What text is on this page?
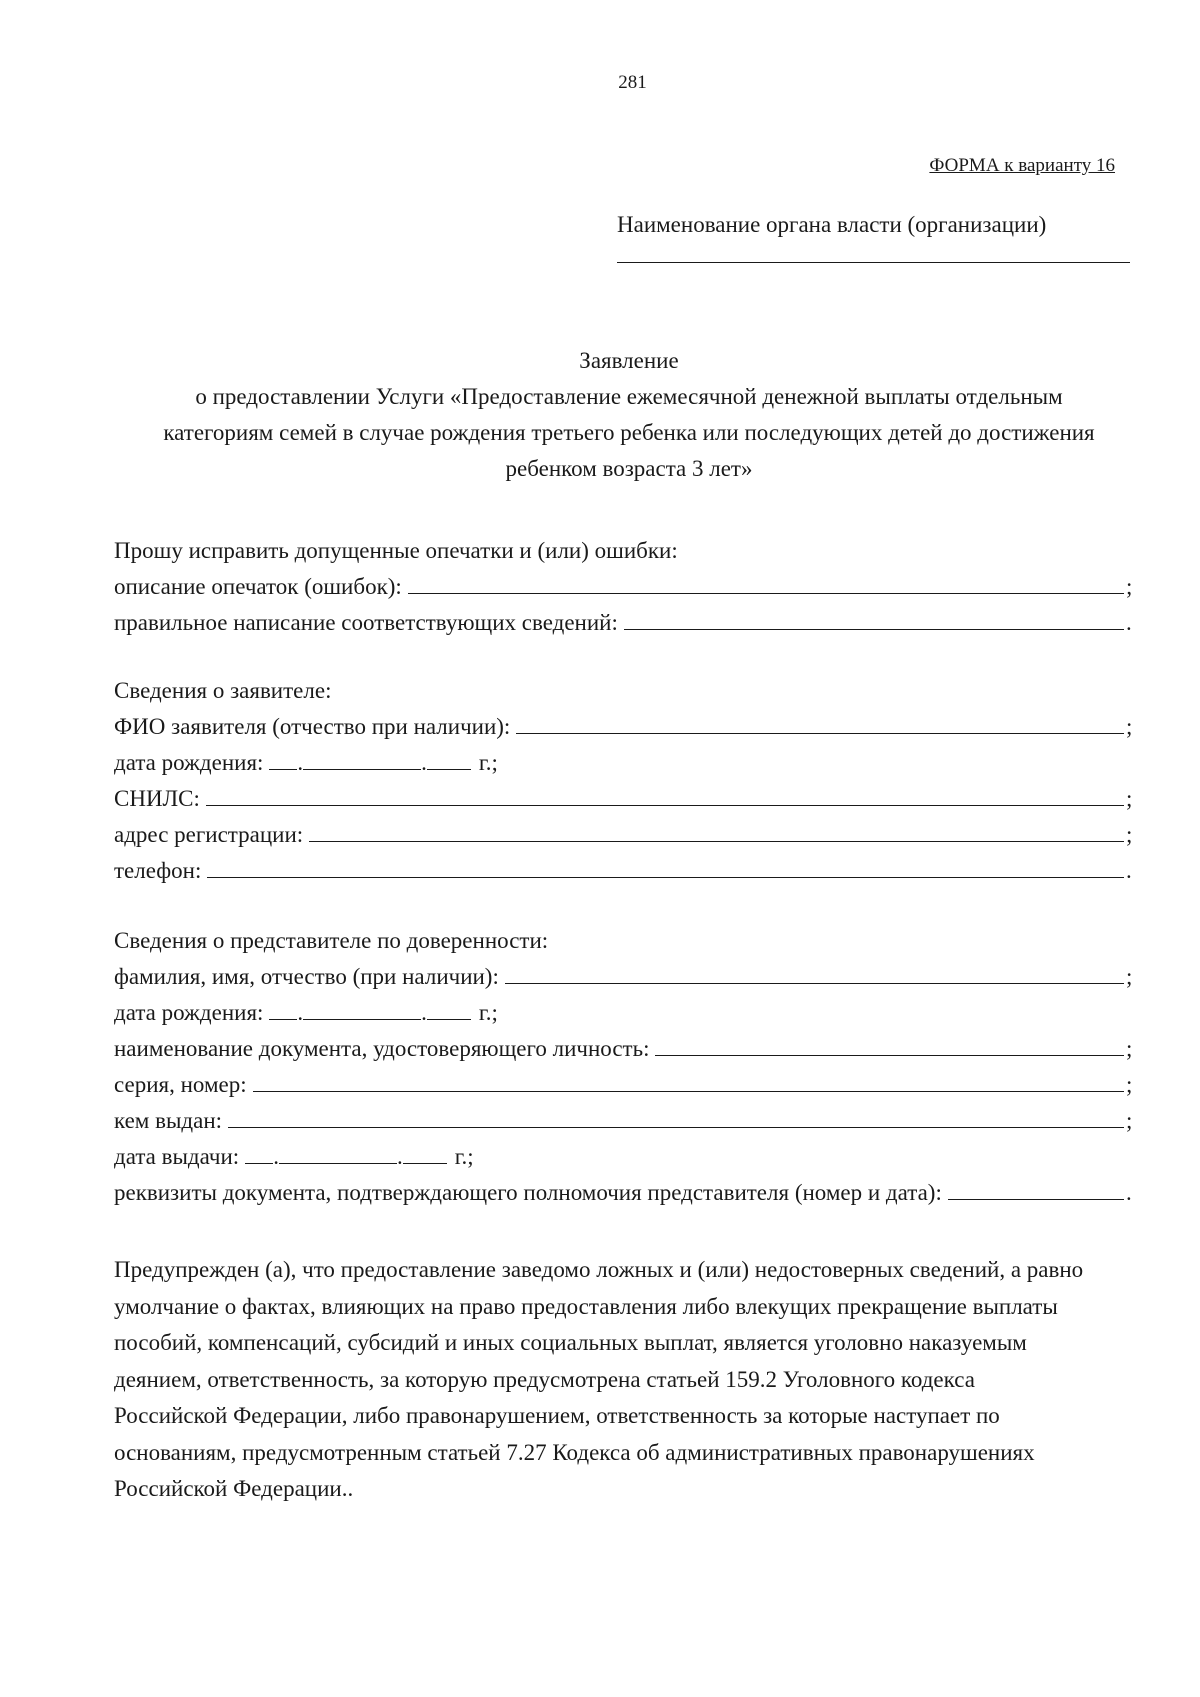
281
ФОРМА к варианту 16
Наименование органа власти (организации)
Заявление
о предоставлении Услуги «Предоставление ежемесячной денежной выплаты отдельным
категориям семей в случае рождения третьего ребенка или последующих детей до достижения
ребенком возраста 3 лет»
Прошу исправить допущенные опечатки и (или) ошибки:
описание опечаток (ошибок):	;
правильное написание соответствующих сведений:	.
Сведения о заявителе:
ФИО заявителя (отчество при наличии):	;
дата рождения: .	. г.;
СНИЛС:	;
адрес регистрации:	;
телефон:	.
Сведения о представителе по доверенности:
фамилия, имя, отчество (при наличии):	;
дата рождения: .	. г.;
наименование документа, удостоверяющего личность:	;
серия, номер:	;
кем выдан:	;
дата выдачи: .	. г.;
реквизиты документа, подтверждающего полномочия представителя (номер и дата):	.
Предупрежден (а), что предоставление заведомо ложных и (или) недостоверных сведений, а равно
умолчание о фактах, влияющих на право предоставления либо влекущих прекращение выплаты
пособий, компенсаций, субсидий и иных социальных выплат, является уголовно наказуемым
деянием, ответственность, за которую предусмотрена статьей 159.2 Уголовного кодекса
Российской Федерации, либо правонарушением, ответственность за которые наступает по
основаниям, предусмотренным статьей 7.27 Кодекса об административных правонарушениях
Российской Федерации..
